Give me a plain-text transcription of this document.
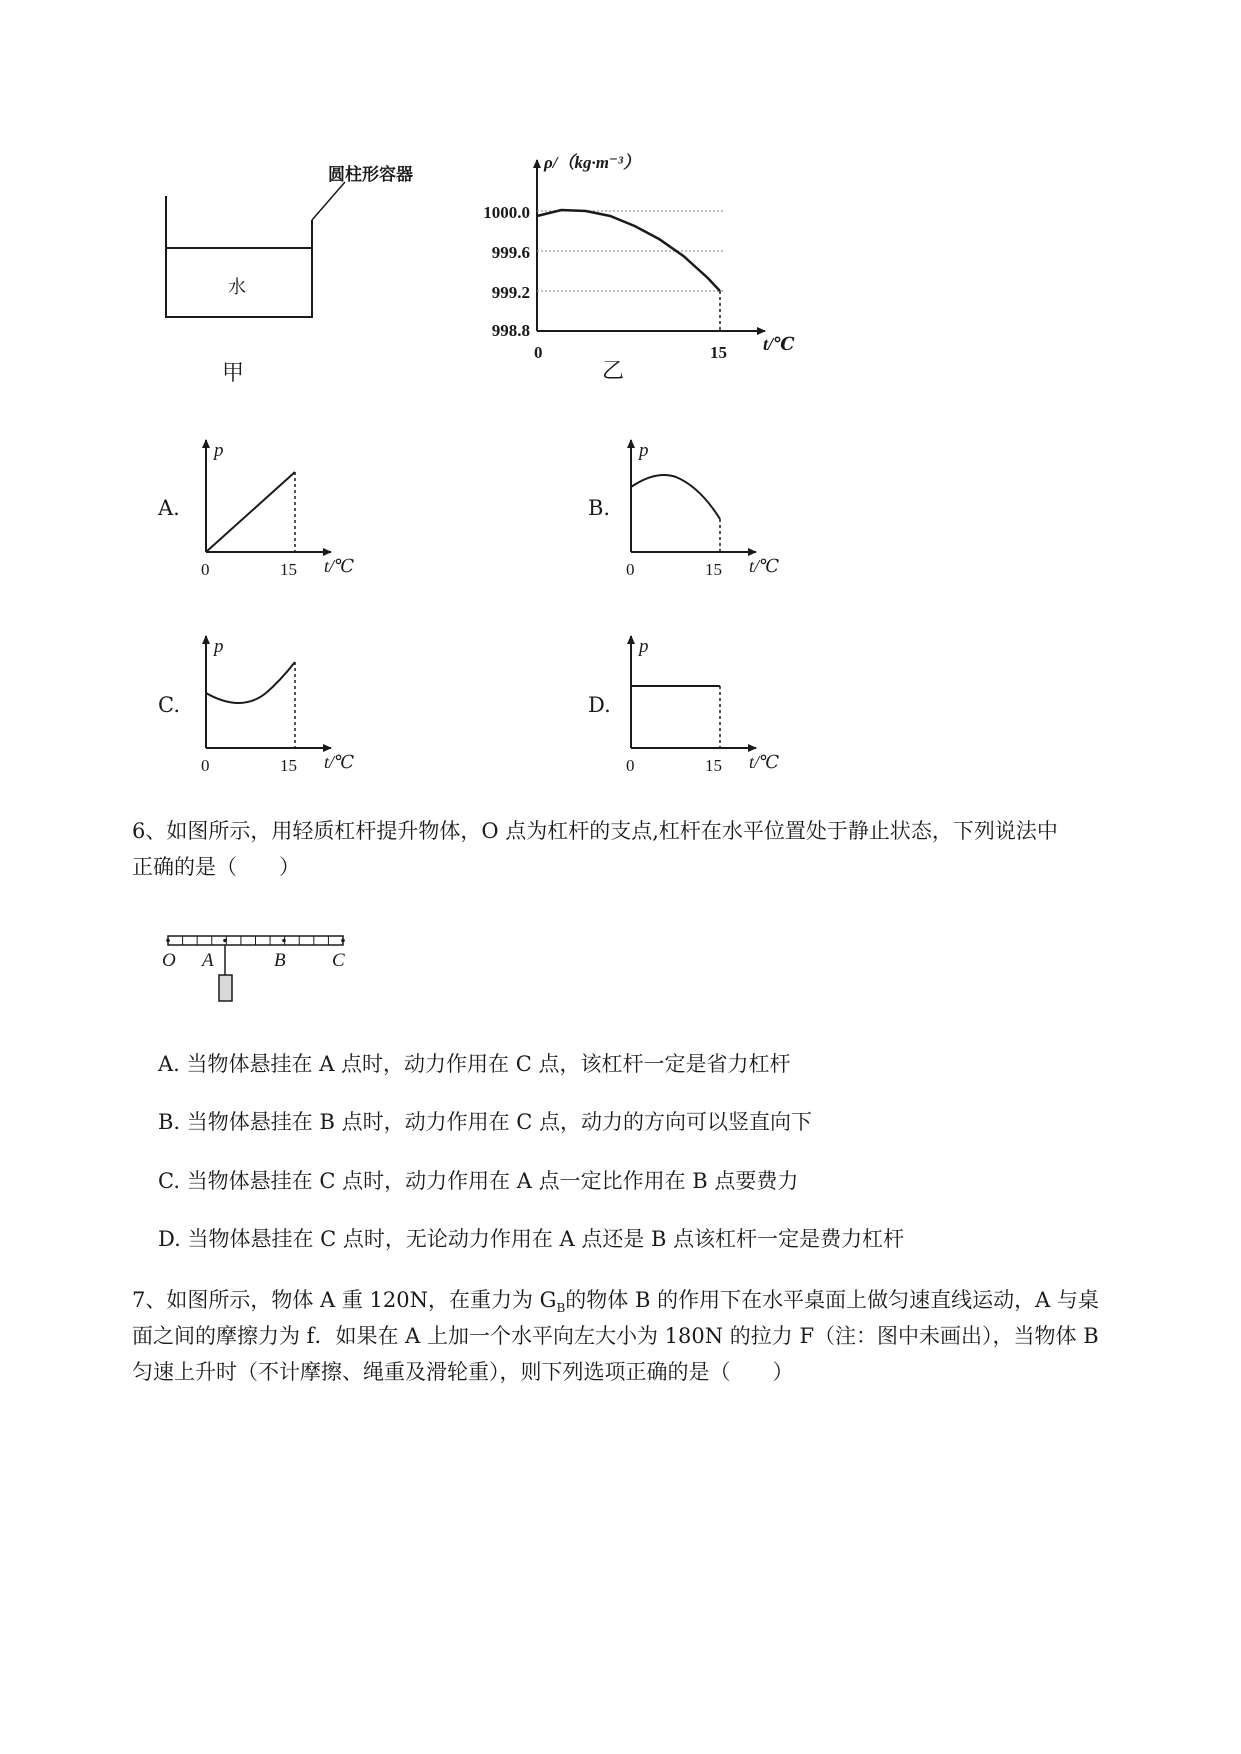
圆柱形容器
水
甲
ρ/（kg·m⁻³）
t/℃
0	15
乙
1000.0
999.6
999.2
998.8
A.
p
t/℃
0	15
B.
p
t/℃
0	15
C.
p
t/℃
0	15
D.
p
t/℃
0	15
6、如图所示，用轻质杠杆提升物体，O 点为杠杆的支点,杠杆在水平位置处于静止状态，下列说法中
正确的是（　　）
O A	B C
A. 当物体悬挂在 A 点时，动力作用在 C 点，该杠杆一定是省力杠杆
B. 当物体悬挂在 B 点时，动力作用在 C 点，动力的方向可以竖直向下
C. 当物体悬挂在 C 点时，动力作用在 A 点一定比作用在 B 点要费力
D. 当物体悬挂在 C 点时，无论动力作用在 A 点还是 B 点该杠杆一定是费力杠杆
7、如图所示，物体 A 重 120N，在重力为 $G_B$的物体 B 的作用下在水平桌面上做匀速直线运动，A 与桌
面之间的摩擦力为 f．如果在 A 上加一个水平向左大小为 180N 的拉力 F（注：图中未画出），当物体 B
匀速上升时（不计摩擦、绳重及滑轮重），则下列选项正确的是（　　）
